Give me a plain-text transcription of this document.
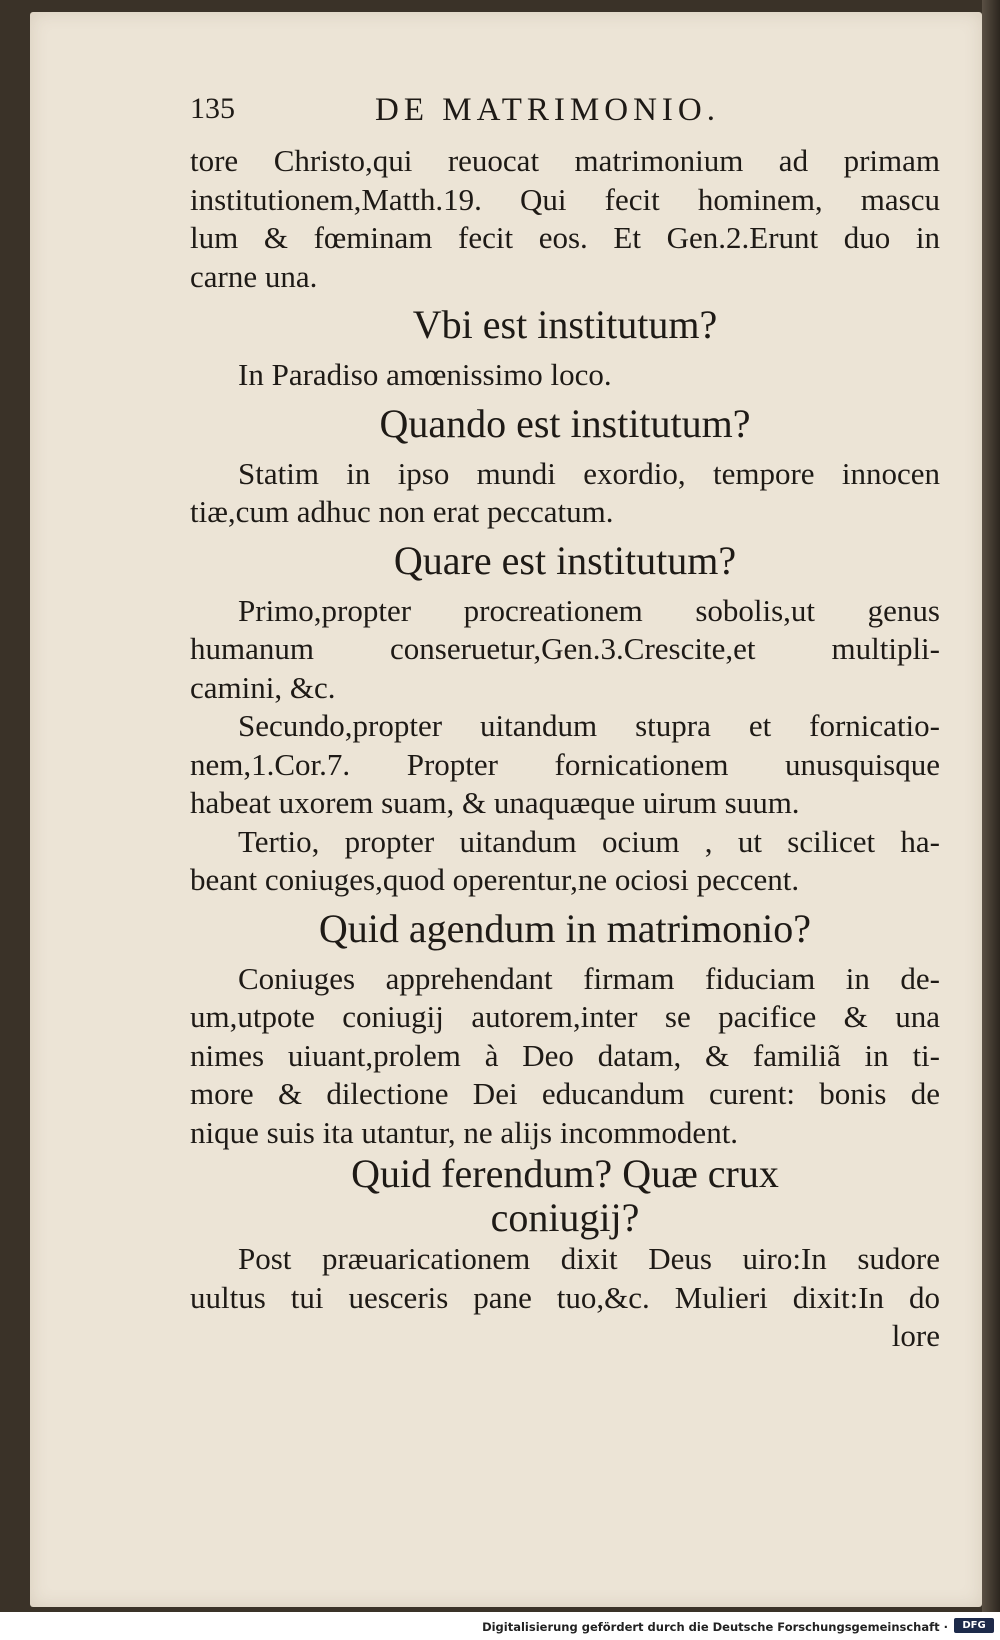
135	DE MATRIMONIO.
tore Christo,qui reuocat matrimonium ad primam
institutionem,Matth.19. Qui fecit hominem, mascu
lum & fœminam fecit eos. Et Gen.2.Erunt duo in
carne una.
Vbi est institutum?
In Paradiso amœnissimo loco.
Quando est institutum?
Statim in ipso mundi exordio, tempore innocen
tiæ,cum adhuc non erat peccatum.
Quare est institutum?
Primo,propter procreationem sobolis,ut genus
humanum conseruetur,Gen.3.Crescite,et multipli-
camini, &c.
Secundo,propter uitandum stupra et fornicatio-
nem,1.Cor.7. Propter fornicationem unusquisque
habeat uxorem suam, & unaquæque uirum suum.
Tertio, propter uitandum ocium , ut scilicet ha-
beant coniuges,quod operentur,ne ociosi peccent.
Quid agendum in matrimonio?
Coniuges apprehendant firmam fiduciam in de-
um,utpote coniugij autorem,inter se pacifice & una
nimes uiuant,prolem à Deo datam, & familiã in ti-
more & dilectione Dei educandum curent: bonis de
nique suis ita utantur, ne alijs incommodent.
Quid ferendum? Quæ crux
coniugij?
Post præuaricationem dixit Deus uiro:In sudore
uultus tui uesceris pane tuo,&c. Mulieri dixit:In do
lore
Digitalisierung gefördert durch die Deutsche Forschungsgemeinschaft ·	DFG
